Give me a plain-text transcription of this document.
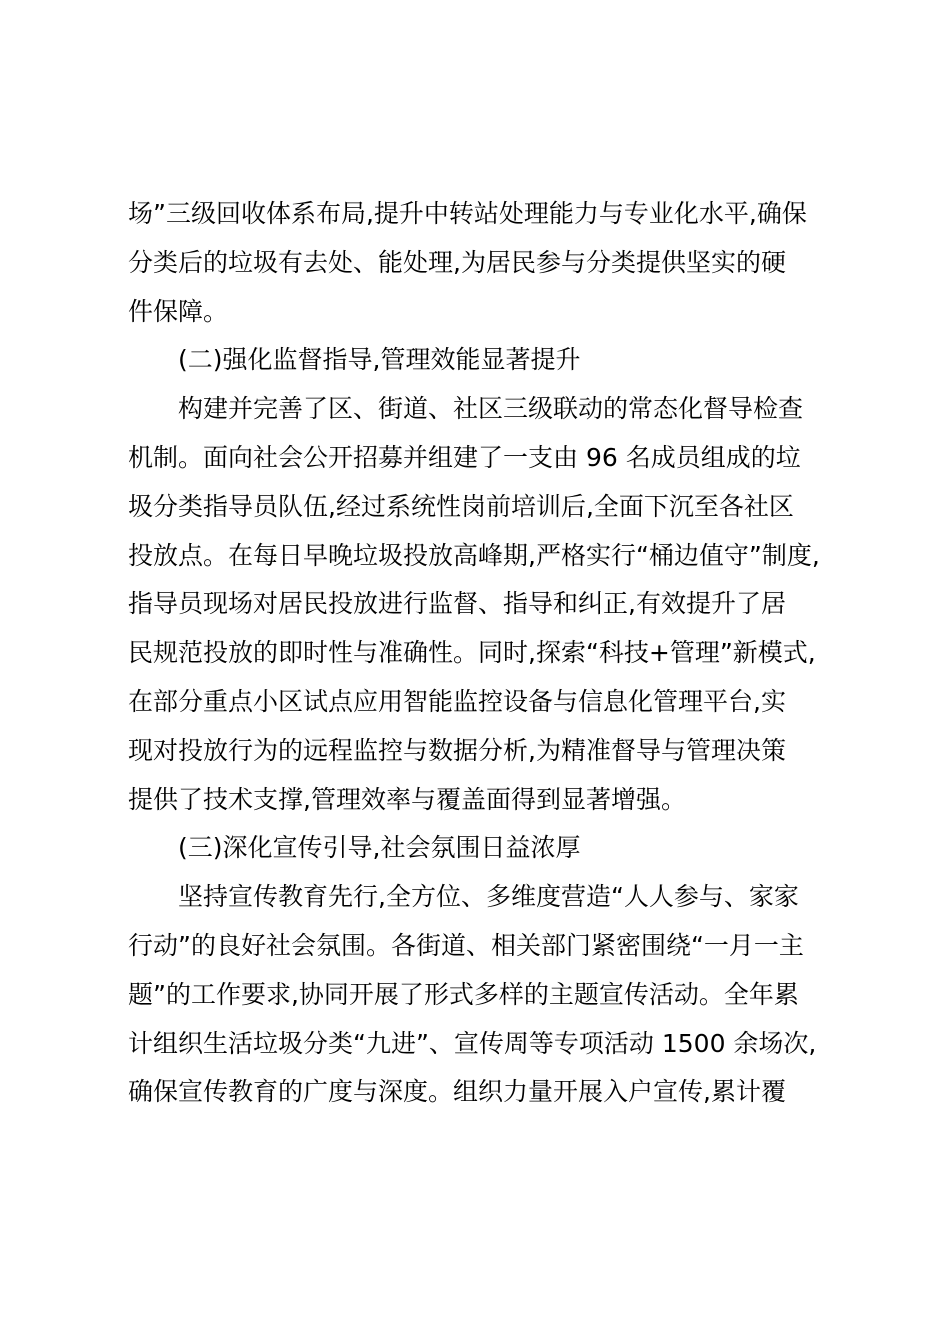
场”三级回收体系布局,提升中转站处理能力与专业化水平,确保
分类后的垃圾有去处、能处理,为居民参与分类提供坚实的硬
件保障。
(二)强化监督指导,管理效能显著提升
构建并完善了区、街道、社区三级联动的常态化督导检查
机制。面向社会公开招募并组建了一支由 96 名成员组成的垃
圾分类指导员队伍,经过系统性岗前培训后,全面下沉至各社区
投放点。在每日早晚垃圾投放高峰期,严格实行“桶边值守”制度,
指导员现场对居民投放进行监督、指导和纠正,有效提升了居
民规范投放的即时性与准确性。同时,探索“科技+管理”新模式,
在部分重点小区试点应用智能监控设备与信息化管理平台,实
现对投放行为的远程监控与数据分析,为精准督导与管理决策
提供了技术支撑,管理效率与覆盖面得到显著增强。
(三)深化宣传引导,社会氛围日益浓厚
坚持宣传教育先行,全方位、多维度营造“人人参与、家家
行动”的良好社会氛围。各街道、相关部门紧密围绕“一月一主
题”的工作要求,协同开展了形式多样的主题宣传活动。全年累
计组织生活垃圾分类“九进”、宣传周等专项活动 1500 余场次,
确保宣传教育的广度与深度。组织力量开展入户宣传,累计覆
